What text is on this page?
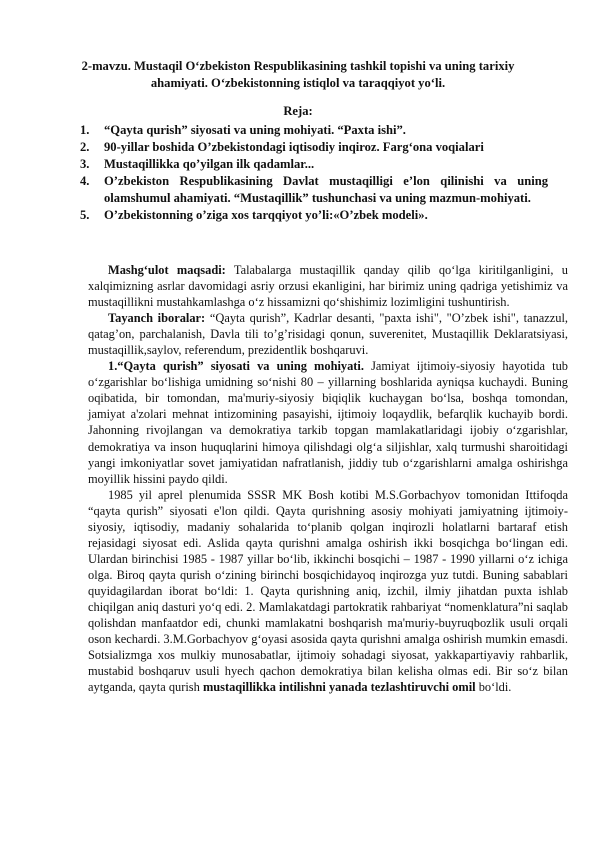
2-mavzu. Mustaqil O‘zbekiston Respublikasining tashkil topishi va uning tarixiy ahamiyati. O‘zbekistonning istiqlol va taraqqiyot yo‘li.
Reja:
1. “Qayta qurish” siyosati va uning mohiyati. “Paxta ishi”.
2. 90-yillar boshida O’zbekistondagi iqtisodiy inqiroz. Farg‘ona voqialari
3. Mustaqillikka qo’yilgan ilk qadamlar...
4. O’zbekiston Respublikasining Davlat mustaqilligi e’lon qilinishi va uning olamshumul ahamiyati. “Mustaqillik” tushunchasi va uning mazmun-mohiyati.
5. O’zbekistonning o’ziga xos tarqqiyot yo’li:«O’zbek modeli».

Mashg‘ulot maqsadi: Talabalarga mustaqillik qanday qilib qo‘lga kiritilganligini, u xalqimizning asrlar davomidagi asriy orzusi ekanligini, har birimiz uning qadriga yetishimiz va mustaqillikni mustahkamlashga o‘z hissamizni qo‘shishimiz lozimligini tushuntirish.

Tayanch iboralar: “Qayta qurish”, Kadrlar desanti, "paxta ishi", "O’zbek ishi", tanazzul, qatag’on, parchalanish, Davla tili to’g’risidagi qonun, suverenitet, Mustaqillik Deklaratsiyasi, mustaqillik,saylov, referendum, prezidentlik boshqaruvi.

1.“Qayta qurish” siyosati va uning mohiyati. Jamiyat ijtimoiy-siyosiy hayotida tub o‘zgarishlar bo‘lishiga umidning so‘nishi 80 – yillarning boshlarida ayniqsa kuchaydi. Buning oqibatida, bir tomondan, ma'muriy-siyosiy biqiqlik kuchaygan bo‘lsa, boshqa tomondan, jamiyat a'zolari mehnat intizomining pasayishi, ijtimoiy loqaydlik, befarqlik kuchayib bordi. Jahonning rivojlangan va demokratiya tarkib topgan mamlakatlaridagi ijobiy o‘zgarishlar, demokratiya va inson huquqlarini himoya qilishdagi olg‘a siljishlar, xalq turmushi sharoitidagi yangi imkoniyatlar sovet jamiyatidan nafratlanish, jiddiy tub o‘zgarishlarni amalga oshirishga moyillik hissini paydo qildi.

1985 yil aprel plenumida SSSR MK Bosh kotibi M.S.Gorbachyov tomonidan Ittifoqda “qayta qurish” siyosati e'lon qildi. Qayta qurishning asosiy mohiyati jamiyatning ijtimoiy-siyosiy, iqtisodiy, madaniy sohalarida to‘planib qolgan inqirozli holatlarni bartaraf etish rejasidagi siyosat edi. Aslida qayta qurishni amalga oshirish ikki bosqichga bo‘lingan edi. Ulardan birinchisi 1985 - 1987 yillar bo‘lib, ikkinchi bosqichi – 1987 - 1990 yillarni o‘z ichiga olga. Biroq qayta qurish o‘zining birinchi bosqichidayoq inqirozga yuz tutdi. Buning sabablari quyidagilardan iborat bo‘ldi: 1. Qayta qurishning aniq, izchil, ilmiy jihatdan puxta ishlab chiqilgan aniq dasturi yo‘q edi. 2. Mamlakatdagi partokratik rahbariyat “nomenklatura”ni saqlab qolishdan manfaatdor edi, chunki mamlakatni boshqarish ma'muriy-buyruqbozlik usuli orqali oson kechardi. 3.M.Gorbachyov g‘oyasi asosida qayta qurishni amalga oshirish mumkin emasdi. Sotsializmga xos mulkiy munosabatlar, ijtimoiy sohadagi siyosat, yakkapartiyaviy rahbarlik, mustabid boshqaruv usuli hyech qachon demokratiya bilan kelisha olmas edi. Bir so‘z bilan aytganda, qayta qurish mustaqillikka intilishni yanada tezlashtiruvchi omil bo‘ldi.
